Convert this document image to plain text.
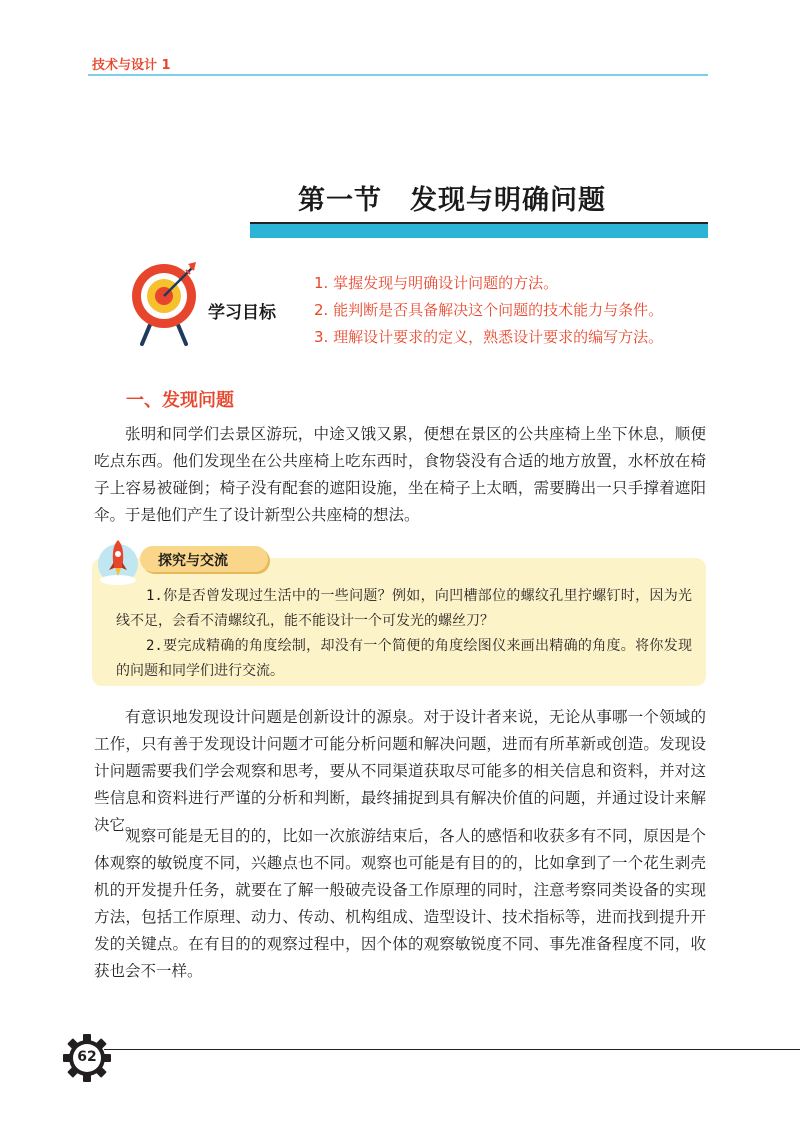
技术与设计 1
第一节　发现与明确问题
学习目标
1. 掌握发现与明确设计问题的方法。
2. 能判断是否具备解决这个问题的技术能力与条件。
3. 理解设计要求的定义，熟悉设计要求的编写方法。
一、发现问题

张明和同学们去景区游玩，中途又饿又累，便想在景区的公共座椅上坐下休息，顺便吃点东西。他们发现坐在公共座椅上吃东西时，食物袋没有合适的地方放置，水杯放在椅子上容易被碰倒；椅子没有配套的遮阳设施，坐在椅子上太晒，需要腾出一只手撑着遮阳伞。于是他们产生了设计新型公共座椅的想法。

探究与交流

1.你是否曾发现过生活中的一些问题？例如，向凹槽部位的螺纹孔里拧螺钉时，因为光线不足，会看不清螺纹孔，能不能设计一个可发光的螺丝刀？

2.要完成精确的角度绘制，却没有一个简便的角度绘图仪来画出精确的角度。将你发现的问题和同学们进行交流。

有意识地发现设计问题是创新设计的源泉。对于设计者来说，无论从事哪一个领域的工作，只有善于发现设计问题才可能分析问题和解决问题，进而有所革新或创造。发现设计问题需要我们学会观察和思考，要从不同渠道获取尽可能多的相关信息和资料，并对这些信息和资料进行严谨的分析和判断，最终捕捉到具有解决价值的问题，并通过设计来解决它。

观察可能是无目的的，比如一次旅游结束后，各人的感悟和收获多有不同，原因是个体观察的敏锐度不同，兴趣点也不同。观察也可能是有目的的，比如拿到了一个花生剥壳机的开发提升任务，就要在了解一般破壳设备工作原理的同时，注意考察同类设备的实现方法，包括工作原理、动力、传动、机构组成、造型设计、技术指标等，进而找到提升开发的关键点。在有目的的观察过程中，因个体的观察敏锐度不同、事先准备程度不同，收获也会不一样。

62
